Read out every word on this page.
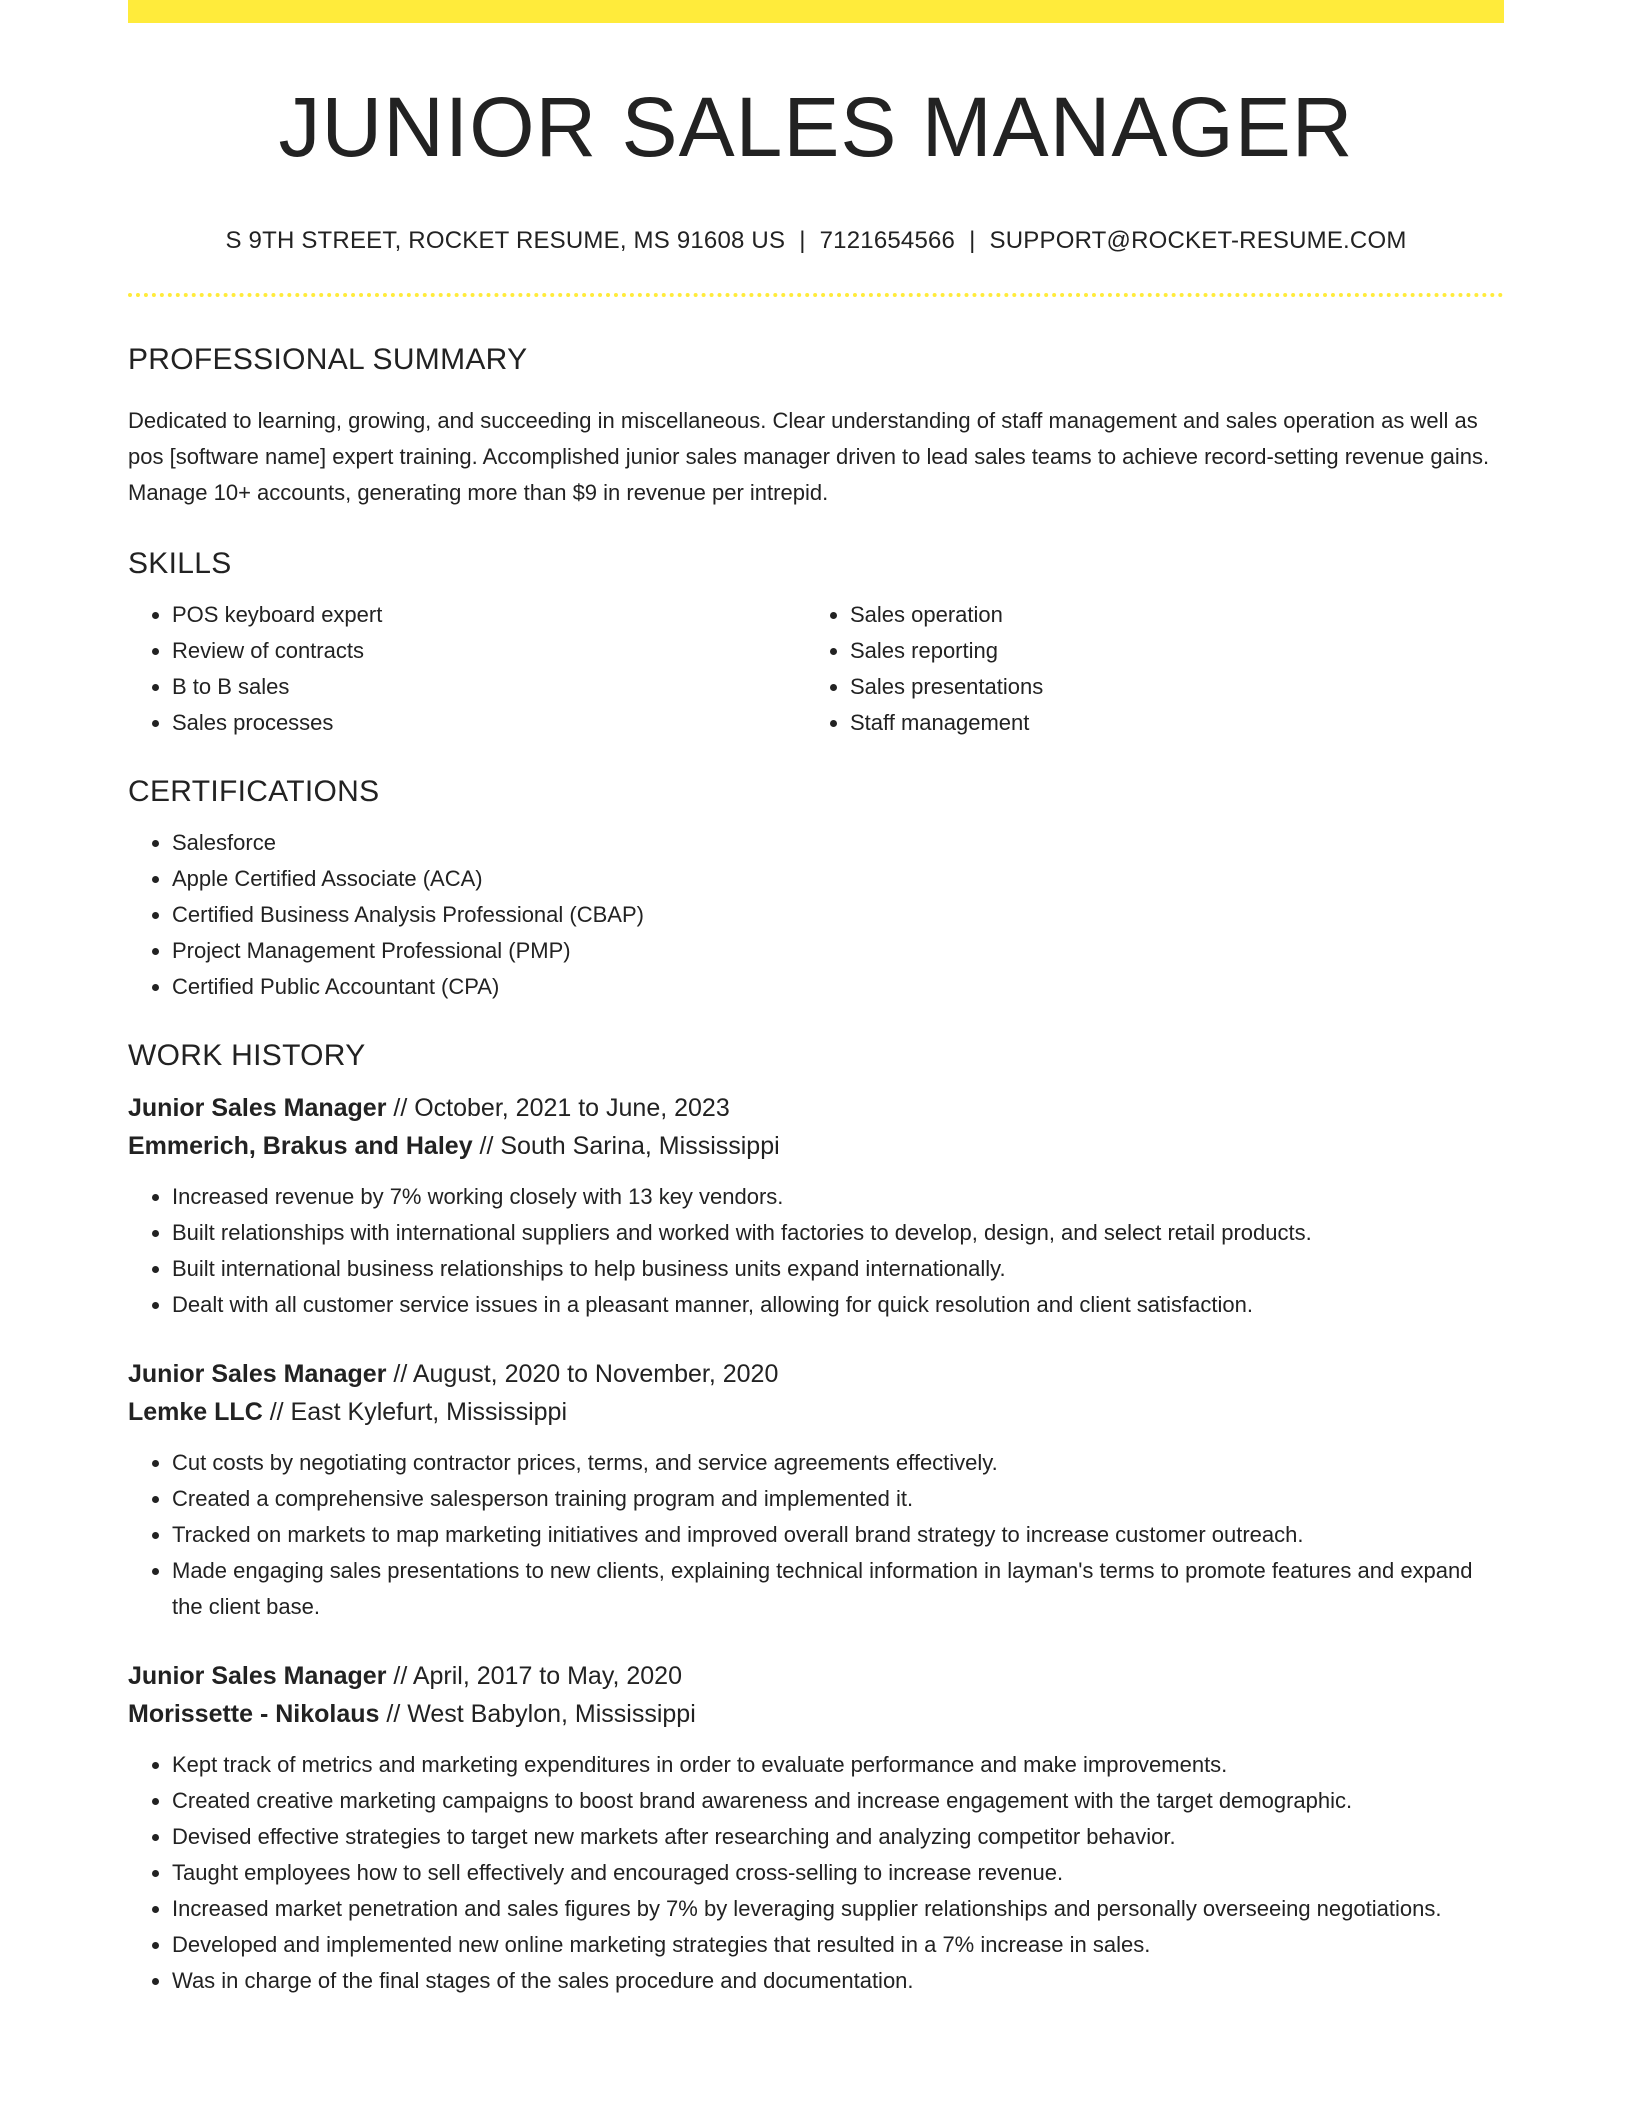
JUNIOR SALES MANAGER
S 9TH STREET, ROCKET RESUME, MS 91608 US | 7121654566 | SUPPORT@ROCKET-RESUME.COM
PROFESSIONAL SUMMARY

Dedicated to learning, growing, and succeeding in miscellaneous. Clear understanding of staff management and sales operation as well as pos [software name] expert training. Accomplished junior sales manager driven to lead sales teams to achieve record-setting revenue gains. Manage 10+ accounts, generating more than $9 in revenue per intrepid.

SKILLS
• POS keyboard expert
• Review of contracts
• B to B sales
• Sales processes
• Sales operation
• Sales reporting
• Sales presentations
• Staff management
CERTIFICATIONS
• Salesforce
• Apple Certified Associate (ACA)
• Certified Business Analysis Professional (CBAP)
• Project Management Professional (PMP)
• Certified Public Accountant (CPA)
WORK HISTORY
Junior Sales Manager // October, 2021 to June, 2023
Emmerich, Brakus and Haley // South Sarina, Mississippi
• Increased revenue by 7% working closely with 13 key vendors.
• Built relationships with international suppliers and worked with factories to develop, design, and select retail products.
• Built international business relationships to help business units expand internationally.
• Dealt with all customer service issues in a pleasant manner, allowing for quick resolution and client satisfaction.
Junior Sales Manager // August, 2020 to November, 2020
Lemke LLC // East Kylefurt, Mississippi
• Cut costs by negotiating contractor prices, terms, and service agreements effectively.
• Created a comprehensive salesperson training program and implemented it.
• Tracked on markets to map marketing initiatives and improved overall brand strategy to increase customer outreach.
• Made engaging sales presentations to new clients, explaining technical information in layman's terms to promote features and expand the client base.
Junior Sales Manager // April, 2017 to May, 2020
Morissette - Nikolaus // West Babylon, Mississippi
• Kept track of metrics and marketing expenditures in order to evaluate performance and make improvements.
• Created creative marketing campaigns to boost brand awareness and increase engagement with the target demographic.
• Devised effective strategies to target new markets after researching and analyzing competitor behavior.
• Taught employees how to sell effectively and encouraged cross-selling to increase revenue.
• Increased market penetration and sales figures by 7% by leveraging supplier relationships and personally overseeing negotiations.
• Developed and implemented new online marketing strategies that resulted in a 7% increase in sales.
• Was in charge of the final stages of the sales procedure and documentation.
